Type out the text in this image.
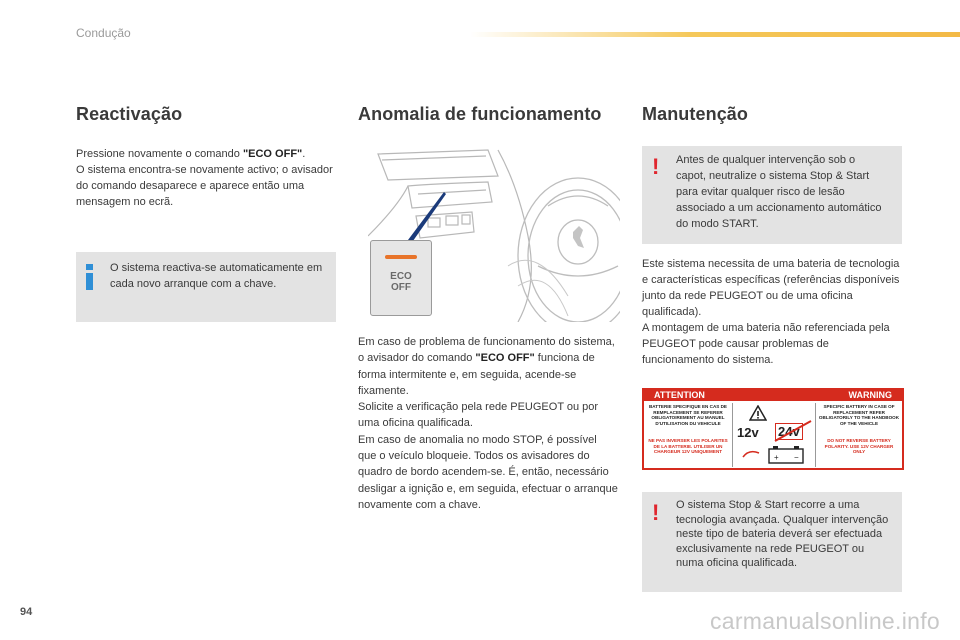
Condução
Reactivação
Pressione novamente o comando "ECO OFF".
O sistema encontra-se novamente activo; o avisador do comando desaparece e aparece então uma mensagem no ecrã.
O sistema reactiva-se automaticamente em cada novo arranque com a chave.
Anomalia de funcionamento
ECO
OFF
Em caso de problema de funcionamento do sistema, o avisador do comando "ECO OFF" funciona de forma intermitente e, em seguida, acende-se fixamente.
Solicite a verificação pela rede PEUGEOT ou por uma oficina qualificada.
Em caso de anomalia no modo STOP, é possível que o veículo bloqueie. Todos os avisadores do quadro de bordo acendem-se. É, então, necessário desligar a ignição e, em seguida, efectuar o arranque novamente com a chave.
Manutenção
! Antes de qualquer intervenção sob o capot, neutralize o sistema Stop & Start para evitar qualquer risco de lesão associado a um accionamento automático do modo START.
Este sistema necessita de uma bateria de tecnologia e características específicas (referências disponíveis junto da rede PEUGEOT ou de uma oficina qualificada).
A montagem de uma bateria não referenciada pela PEUGEOT pode causar problemas de funcionamento do sistema.
ATTENTION	WARNING
BATTERIE SPECIFIQUE EN CAS DE REMPLACEMENT SE REFERER OBLIGATOIREMENT AU MANUEL D'UTILISATION DU VEHICULE
NE PAS INVERSER LES POLARITES DE LA BATTERIE. UTILISER UN CHARGEUR 12V UNIQUEMENT
SPECIFIC BATTERY IN CASE OF REPLACEMENT REFER OBLIGATORILY TO THE HANDBOOK OF THE VEHICLE
DO NOT REVERSE BATTERY POLARITY. USE 12V CHARGER ONLY
12v 24v
+ −
! O sistema Stop & Start recorre a uma tecnologia avançada. Qualquer intervenção neste tipo de bateria deverá ser efectuada exclusivamente na rede PEUGEOT ou numa oficina qualificada.
94	carmanualsonline.info
